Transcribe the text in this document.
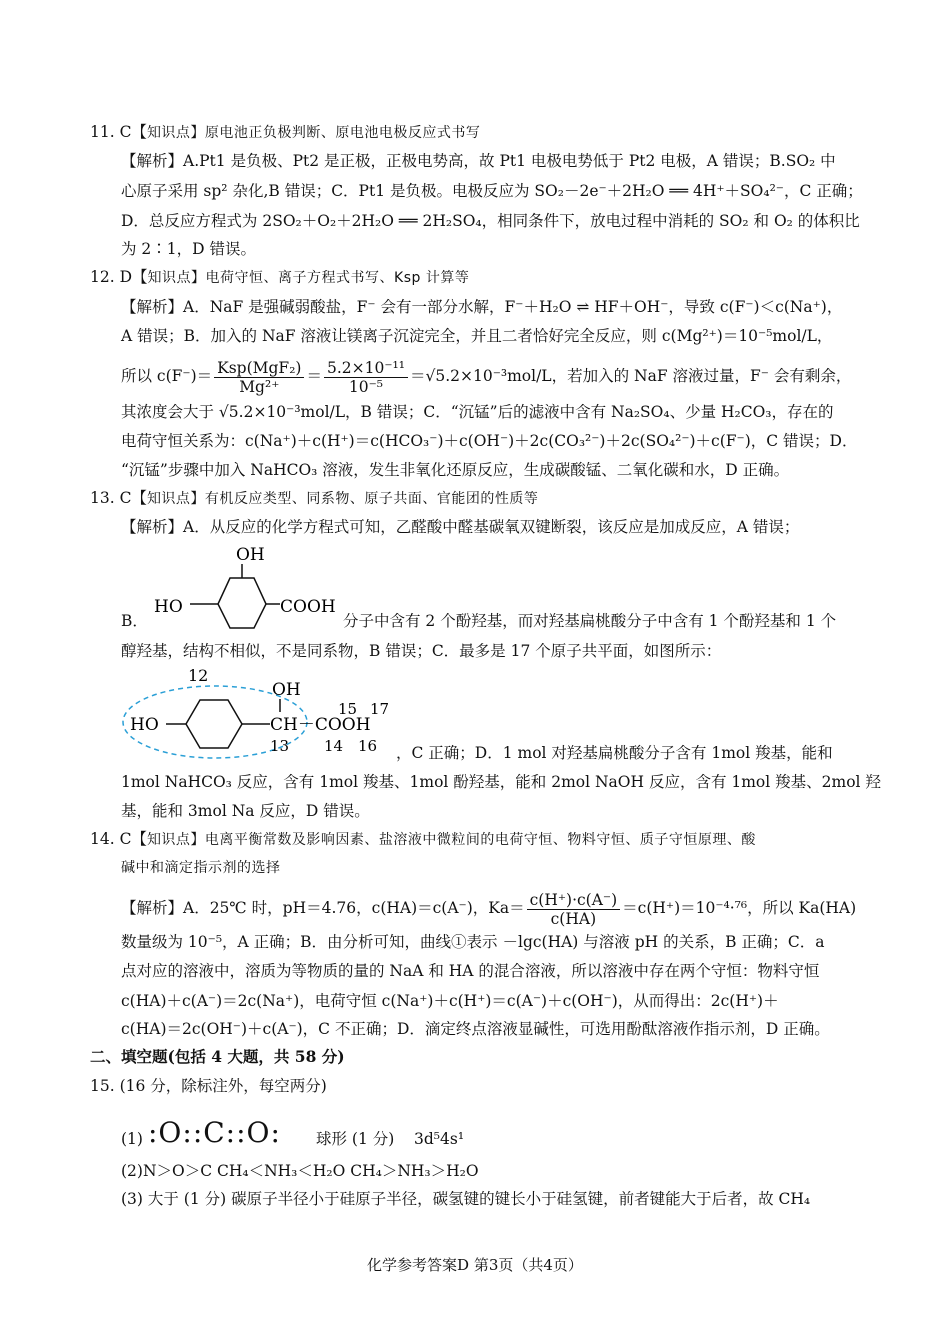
11. C【知识点】原电池正负极判断、原电池电极反应式书写
【解析】A.Pt1 是负极、Pt2 是正极，正极电势高，故 Pt1 电极电势低于 Pt2 电极，A 错误；B.SO₂ 中
心原子采用 sp² 杂化,B 错误；C．Pt1 是负极。电极反应为 SO₂－2e⁻＋2H₂O ══ 4H⁺＋SO₄²⁻，C 正确；
D．总反应方程式为 2SO₂＋O₂＋2H₂O ══ 2H₂SO₄，相同条件下，放电过程中消耗的 SO₂ 和 O₂ 的体积比
为 2∶1，D 错误。
12. D【知识点】电荷守恒、离子方程式书写、Ksp 计算等
【解析】A．NaF 是强碱弱酸盐，F⁻ 会有一部分水解，F⁻＋H₂O ⇌ HF＋OH⁻，导致 c(F⁻)＜c(Na⁺)，
A 错误；B．加入的 NaF 溶液让镁离子沉淀完全，并且二者恰好完全反应，则 c(Mg²⁺)＝10⁻⁵mol/L，
所以 $c(F^-)= \frac{\text{Ksp(MgF₂)}}{\text{Mg²⁺}} = \frac{\text{5.2×10⁻¹¹}}{\text{10⁻⁵}} =√5.2\times 10^{-3}mol/L$，若加入的 NaF 溶液过量，F⁻ 会有剩余，
其浓度会大于 √5.2×10⁻³mol/L，B 错误；C．“沉锰”后的滤液中含有 Na₂SO₄、少量 H₂CO₃，存在的
电荷守恒关系为：c(Na⁺)＋c(H⁺)＝c(HCO₃⁻)＋c(OH⁻)＋2c(CO₃²⁻)＋2c(SO₄²⁻)＋c(F⁻)，C 错误；D．
“沉锰”步骤中加入 NaHCO₃ 溶液，发生非氧化还原反应，生成碳酸锰、二氧化碳和水，D 正确。
13. C【知识点】有机反应类型、同系物、原子共面、官能团的性质等
【解析】A．从反应的化学方程式可知，乙醛酸中醛基碳氧双键断裂，该反应是加成反应，A 错误；
B．
OH
HO	COOH
分子中含有 2 个酚羟基，而对羟基扁桃酸分子中含有 1 个酚羟基和 1 个
醇羟基，结构不相似，不是同系物，B 错误；C．最多是 17 个原子共平面，如图所示：
12
OH
HO	CH－COOH
15 17
13 14 16 ，C 正确；D．1 mol 对羟基扁桃酸分子含有 1mol 羧基，能和
1mol NaHCO₃ 反应，含有 1mol 羧基、1mol 酚羟基，能和 2mol NaOH 反应，含有 1mol 羧基、2mol 羟
基，能和 3mol Na 反应，D 错误。
14. C【知识点】电离平衡常数及影响因素、盐溶液中微粒间的电荷守恒、物料守恒、质子守恒原理、酸
碱中和滴定指示剂的选择
【解析】A．25℃ 时，pH＝4.76，c(HA)＝c(A⁻)，$Ka= \frac{c(H^+)\cdot c(A^-)}{c(HA)} =c(H^+)=10^{-4}\cdot^{76}$，所以 Ka(HA)
数量级为 10⁻⁵，A 正确；B．由分析可知，曲线①表示 －lgc(HA) 与溶液 pH 的关系，B 正确；C．a
点对应的溶液中，溶质为等物质的量的 NaA 和 HA 的混合溶液，所以溶液中存在两个守恒：物料守恒
c(HA)＋c(A⁻)＝2c(Na⁺)，电荷守恒 c(Na⁺)＋c(H⁺)＝c(A⁻)＋c(OH⁻)，从而得出：2c(H⁺)＋
c(HA)＝2c(OH⁻)＋c(A⁻)，C 不正确；D．滴定终点溶液显碱性，可选用酚酞溶液作指示剂，D 正确。
二、填空题(包括 4 大题，共 58 分)
15. (16 分，除标注外，每空两分)
(1) :O::C::O: 球形 (1 分) 3d⁵4s¹
(2)N＞O＞C CH₄＜NH₃＜H₂O CH₄＞NH₃＞H₂O
(3) 大于 (1 分) 碳原子半径小于硅原子半径，碳氢键的键长小于硅氢键，前者键能大于后者，故 CH₄
化学参考答案D 第3页（共4页）
